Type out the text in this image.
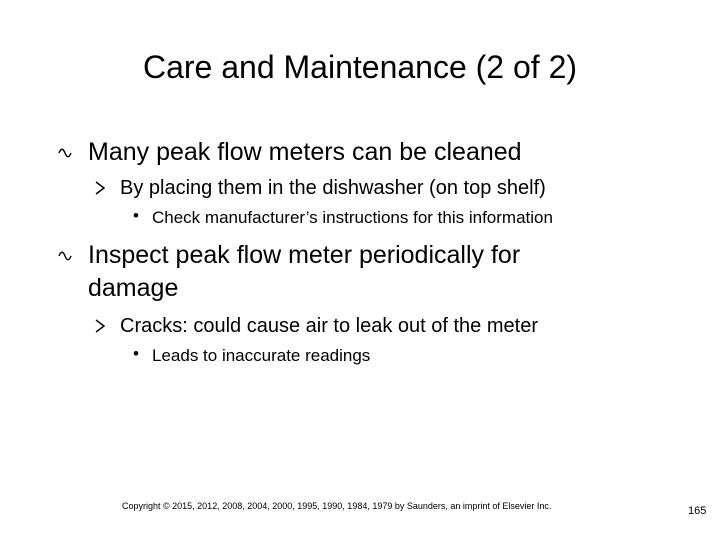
Care and Maintenance (2 of 2)
Many peak flow meters can be cleaned
By placing them in the dishwasher (on top shelf)
• Check manufacturer’s instructions for this information
Inspect peak flow meter periodically for
damage
Cracks: could cause air to leak out of the meter
• Leads to inaccurate readings
Copyright © 2015, 2012, 2008, 2004, 2000, 1995, 1990, 1984, 1979 by Saunders, an imprint of Elsevier Inc.	165
